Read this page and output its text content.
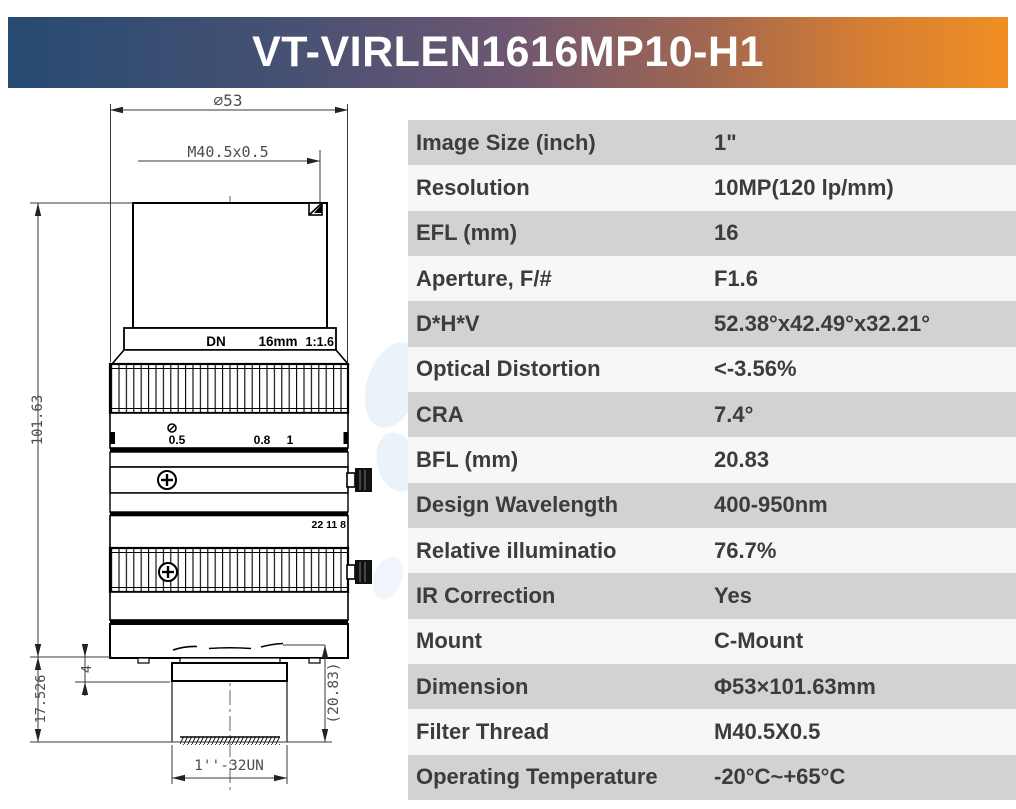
VT-VIRLEN1616MP10-H1
DN 16mm 1:1.6
0.5	0.8 1
22 11 8
∅53
M40.5x0.5
101.63
17.526
4	(20.83)
1''-32UN
Image Size (inch)	1"
Resolution	10MP(120 lp/mm)
EFL (mm)	16
Aperture, F/#	F1.6
D*H*V	52.38°x42.49°x32.21°
Optical Distortion	<-3.56%
CRA	7.4°
BFL (mm)	20.83
Design Wavelength	400-950nm
Relative illuminatio	76.7%
IR Correction	Yes
Mount	C-Mount
Dimension	Φ53×101.63mm
Filter Thread	M40.5X0.5
Operating Temperature	-20°C~+65°C
